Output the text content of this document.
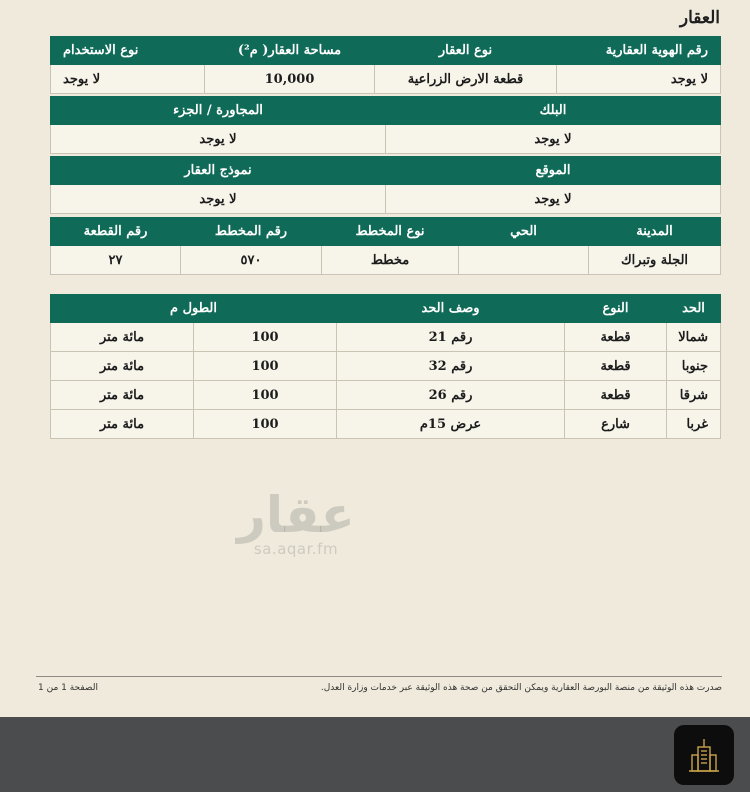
العقار
رقم الهوية العقارية	نوع العقار	مساحة العقار( م²)	نوع الاستخدام
لا يوجد	قطعة الارض الزراعية	10,000	لا يوجد
البلك	المجاورة / الجزء
لا يوجد	لا يوجد
الموقع	نموذج العقار
لا يوجد	لا يوجد
المدينة	الحي	نوع المخطط	رقم المخطط	رقم القطعة
الجلة وتبراك		مخطط	٥٧٠	٢٧
الحد	النوع	وصف الحد	الطول م	
شمالا	قطعة	رقم 21	100	مائة متر
جنوبا	قطعة	رقم 32	100	مائة متر
شرقا	قطعة	رقم 26	100	مائة متر
غربا	شارع	عرض 15م	100	مائة متر
عقار
sa.aqar.fm
صدرت هذه الوثيقة من منصة البورصة العقارية ويمكن التحقق من صحة هذه الوثيقة عبر خدمات وزارة العدل.
الصفحة 1 من 1
